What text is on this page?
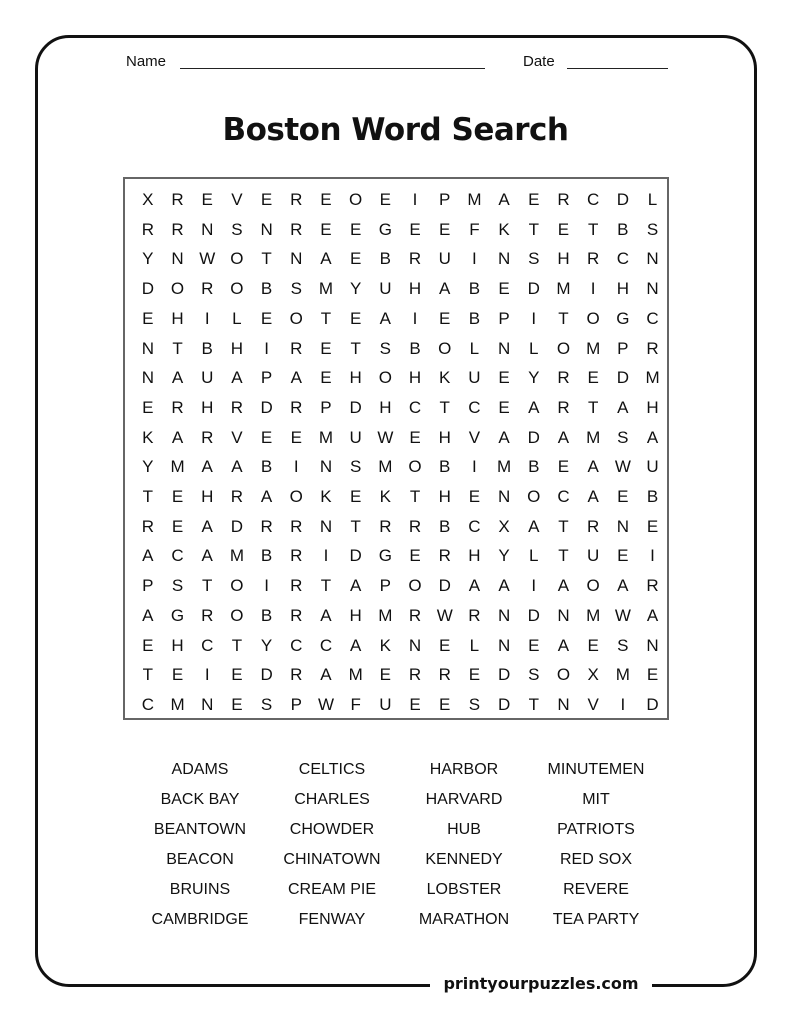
Name	Date
Boston Word Search
X	R	E	V	E	R	E	O	E	I	P M A	E	R	C	D	L
R	R	N	S	N	R	E	E	G	E	E	F	K	T	E	T	B	S
Y	N W O	T	N	A	E	B	R	U	I	N	S	H	R	C	N
D O R O	B	S M Y	U	H	A	B	E	D M	I	H	N
E	H	I	L	E	O	T	E	A	I	E	B	P	I	T	O G C
N	T	B	H	I	R	E	T	S	B	O	L	N	L	O M P	R
N	A	U	A	P	A	E	H O H	K	U	E	Y	R	E	D M
E	R	H	R	D	R	P	D	H	C	T	C	E	A	R	T	A	H
K	A	R	V	E	E M U W E	H	V	A	D	A M S	A
Y M A	A	B	I	N	S M O	B	I	M B	E	A W U
T	E	H	R	A	O	K	E	K	T	H	E	N O C	A	E	B
R	E	A	D	R	R	N	T	R	R	B	C	X	A	T	R	N	E
A	C	A M B	R	I	D G	E	R	H	Y	L	T	U	E	I
P	S	T	O	I	R	T	A	P	O D	A	A	I	A	O	A	R
A	G R O	B	R	A	H M R W R	N	D	N M W A
E	H	C	T	Y	C	C	A	K	N	E	L	N	E	A	E	S	N
T	E	I	E	D	R	A M E	R	R	E	D	S	O	X M E
C M N	E	S	P W F	U	E	E	S	D	T	N	V	I	D
ADAMS	CELTICS	HARBOR	MINUTEMEN
BACK BAY	CHARLES	HARVARD	MIT
BEANTOWN	CHOWDER	HUB	PATRIOTS
BEACON	CHINATOWN	KENNEDY	RED SOX
BRUINS	CREAM PIE	LOBSTER	REVERE
CAMBRIDGE	FENWAY	MARATHON	TEA PARTY
printyourpuzzles.com
